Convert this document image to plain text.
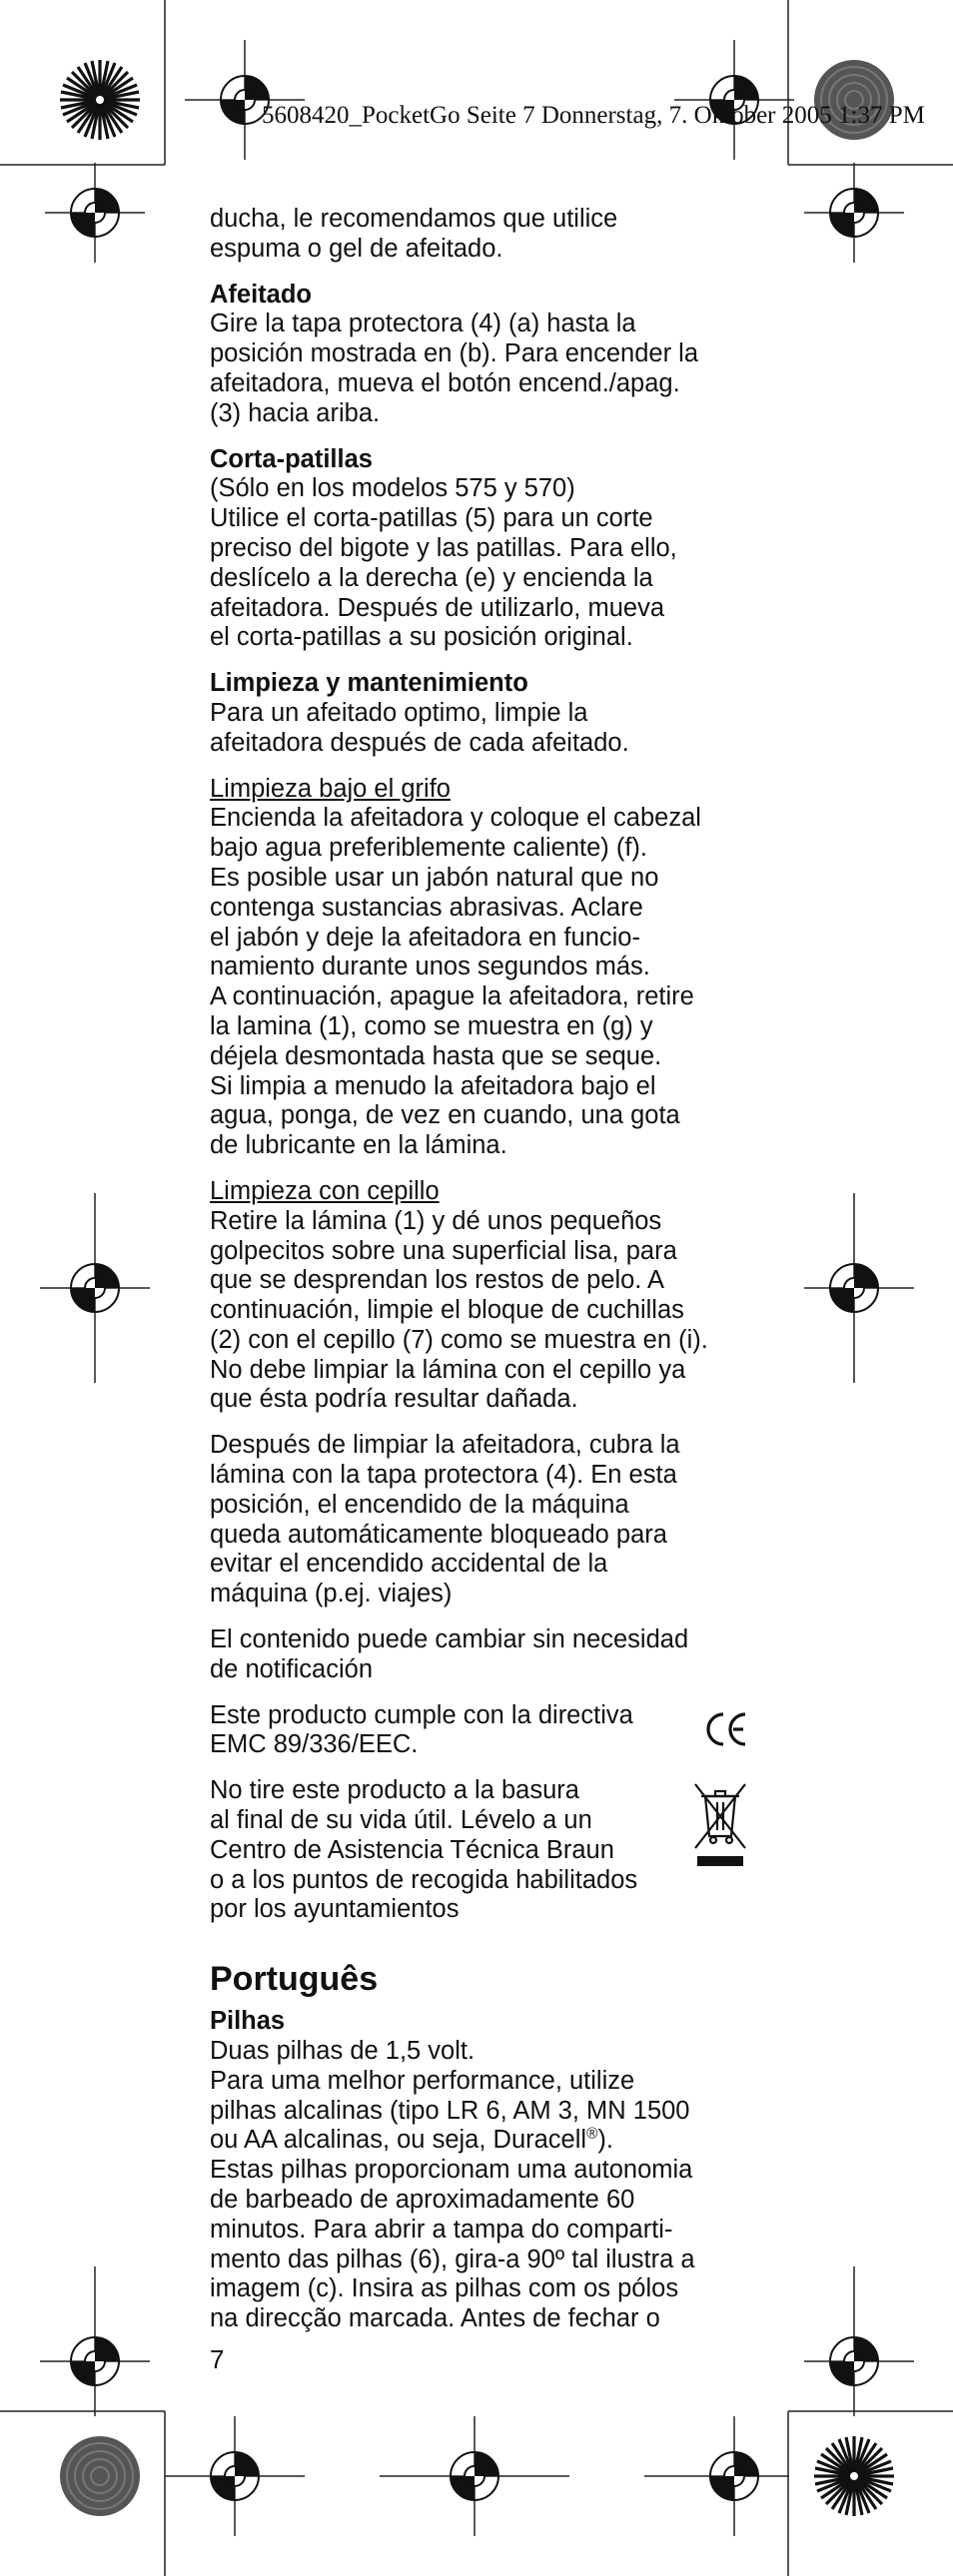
5608420_PocketGo Seite 7 Donnerstag, 7. Oktober 2005 1:37 PM

ducha, le recomendamos que utilice
espuma o gel de afeitado.

Afeitado
Gire la tapa protectora (4) (a) hasta la
posición mostrada en (b). Para encender la
afeitadora, mueva el botón encend./apag.
(3) hacia ariba.

Corta-patillas
(Sólo en los modelos 575 y 570)
Utilice el corta-patillas (5) para un corte
preciso del bigote y las patillas. Para ello,
deslícelo a la derecha (e) y encienda la
afeitadora. Después de utilizarlo, mueva
el corta-patillas a su posición original.

Limpieza y mantenimiento
Para un afeitado optimo, limpie la
afeitadora después de cada afeitado.

Limpieza bajo el grifo
Encienda la afeitadora y coloque el cabezal
bajo agua preferiblemente caliente) (f).
Es posible usar un jabón natural que no
contenga sustancias abrasivas. Aclare
el jabón y deje la afeitadora en funcio-
namiento durante unos segundos más.
A continuación, apague la afeitadora, retire
la lamina (1), como se muestra en (g) y
déjela desmontada hasta que se seque.
Si limpia a menudo la afeitadora bajo el
agua, ponga, de vez en cuando, una gota
de lubricante en la lámina.

Limpieza con cepillo
Retire la lámina (1) y dé unos pequeños
golpecitos sobre una superficial lisa, para
que se desprendan los restos de pelo. A
continuación, limpie el bloque de cuchillas
(2) con el cepillo (7) como se muestra en (i).
No debe limpiar la lámina con el cepillo ya
que ésta podría resultar dañada.

Después de limpiar la afeitadora, cubra la
lámina con la tapa protectora (4). En esta
posición, el encendido de la máquina
queda automáticamente bloqueado para
evitar el encendido accidental de la
máquina (p.ej. viajes)

El contenido puede cambiar sin necesidad
de notificación

Este producto cumple con la directiva
EMC 89/336/EEC.

No tire este producto a la basura
al final de su vida útil. Lévelo a un
Centro de Asistencia Técnica Braun
o a los puntos de recogida habilitados
por los ayuntamientos

Português

Pilhas
Duas pilhas de 1,5 volt.
Para uma melhor performance, utilize
pilhas alcalinas (tipo LR 6, AM 3, MN 1500
ou AA alcalinas, ou seja, Duracell®).
Estas pilhas proporcionam uma autonomia
de barbeado de aproximadamente 60
minutos. Para abrir a tampa do comparti-
mento das pilhas (6), gira-a 90º tal ilustra a
imagem (c). Insira as pilhas com os pólos
na direcção marcada. Antes de fechar o

7
